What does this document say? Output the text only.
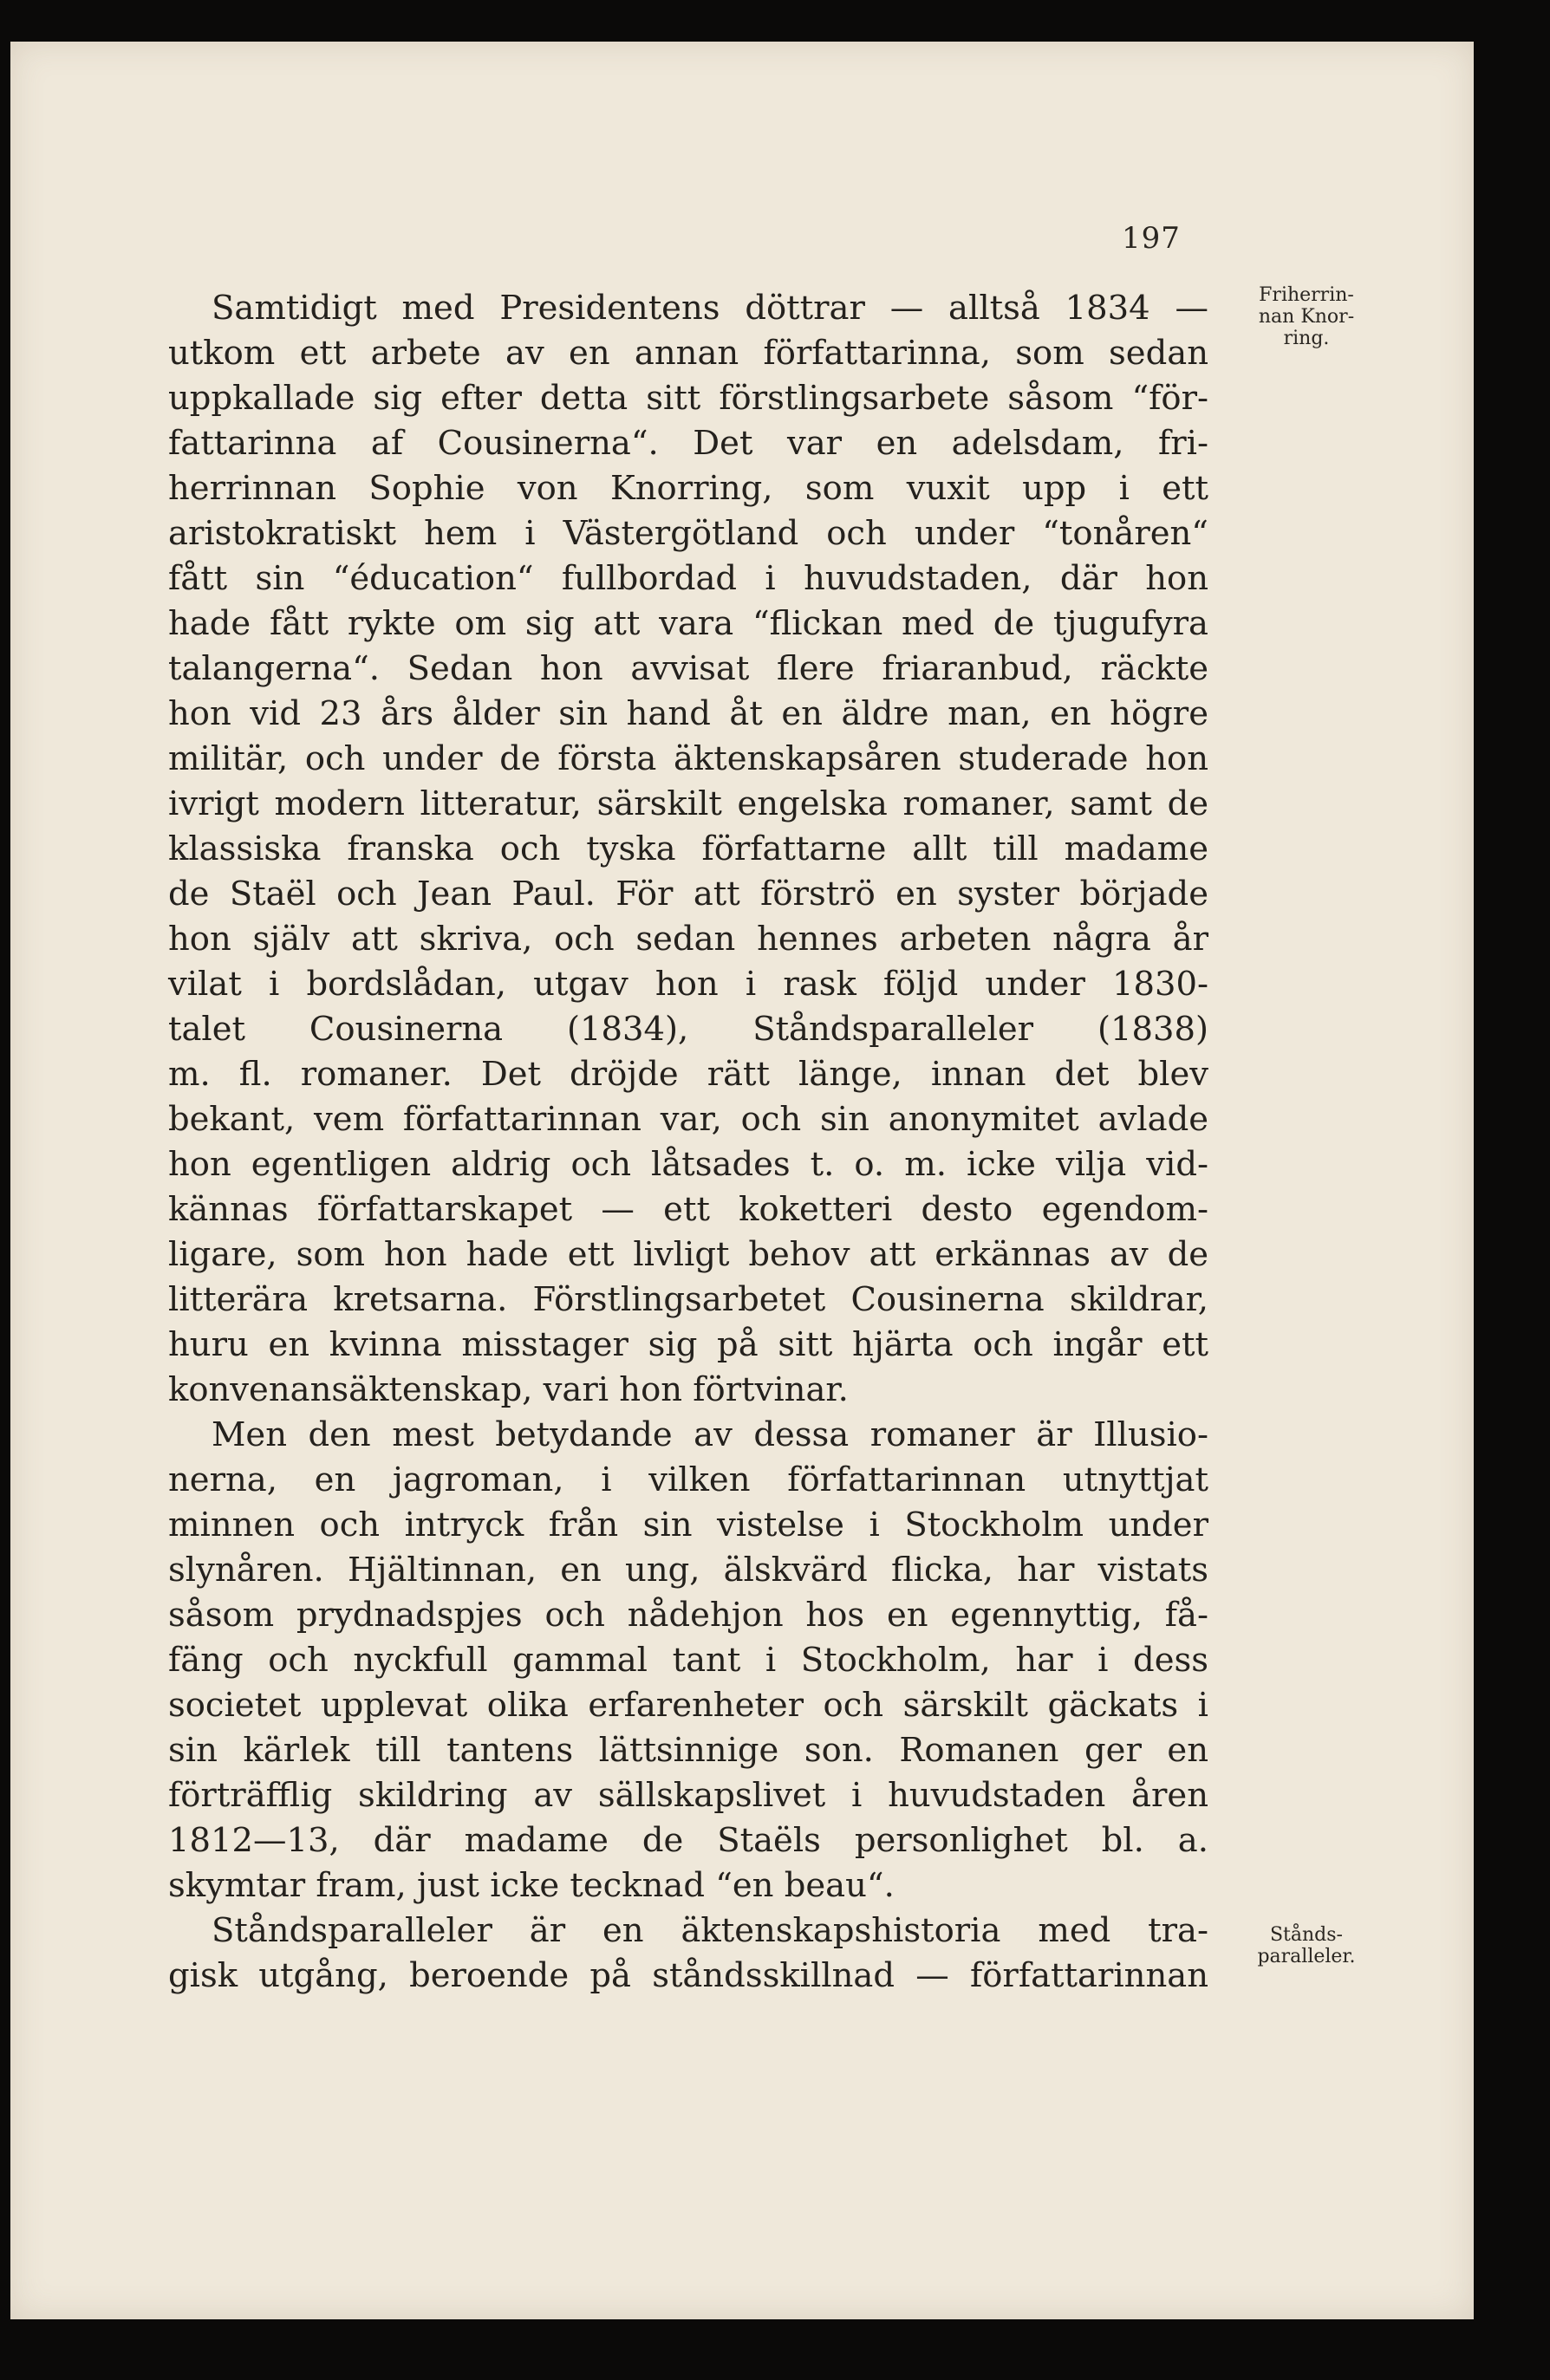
197
Friherrin-
nan Knor-
ring.
Stånds-
paralleler.
Samtidigt med Presidentens döttrar — alltså 1834 —
utkom ett arbete av en annan författarinna, som sedan
uppkallade sig efter detta sitt förstlingsarbete såsom “för-
fattarinna af Cousinerna“. Det var en adelsdam, fri-
herrinnan Sophie von Knorring, som vuxit upp i ett
aristokratiskt hem i Västergötland och under “tonåren“
fått sin “éducation“ fullbordad i huvudstaden, där hon
hade fått rykte om sig att vara “flickan med de tjugufyra
talangerna“. Sedan hon avvisat flere friaranbud, räckte
hon vid 23 års ålder sin hand åt en äldre man, en högre
militär, och under de första äktenskapsåren studerade hon
ivrigt modern litteratur, särskilt engelska romaner, samt de
klassiska franska och tyska författarne allt till madame
de Staël och Jean Paul. För att förströ en syster började
hon själv att skriva, och sedan hennes arbeten några år
vilat i bordslådan, utgav hon i rask följd under 1830-
talet Cousinerna (1834), Ståndsparalleler (1838)
m. fl. romaner. Det dröjde rätt länge, innan det blev
bekant, vem författarinnan var, och sin anonymitet avlade
hon egentligen aldrig och låtsades t. o. m. icke vilja vid-
kännas författarskapet — ett koketteri desto egendom-
ligare, som hon hade ett livligt behov att erkännas av de
litterära kretsarna. Förstlingsarbetet Cousinerna skildrar,
huru en kvinna misstager sig på sitt hjärta och ingår ett
konvenansäktenskap, vari hon förtvinar.
Men den mest betydande av dessa romaner är Illusio-
nerna, en jagroman, i vilken författarinnan utnyttjat
minnen och intryck från sin vistelse i Stockholm under
slynåren. Hjältinnan, en ung, älskvärd flicka, har vistats
såsom prydnadspjes och nådehjon hos en egennyttig, få-
fäng och nyckfull gammal tant i Stockholm, har i dess
societet upplevat olika erfarenheter och särskilt gäckats i
sin kärlek till tantens lättsinnige son. Romanen ger en
förträfflig skildring av sällskapslivet i huvudstaden åren
1812—13, där madame de Staëls personlighet bl. a.
skymtar fram, just icke tecknad “en beau“.
Ståndsparalleler är en äktenskapshistoria med tra-
gisk utgång, beroende på ståndsskillnad — författarinnan
